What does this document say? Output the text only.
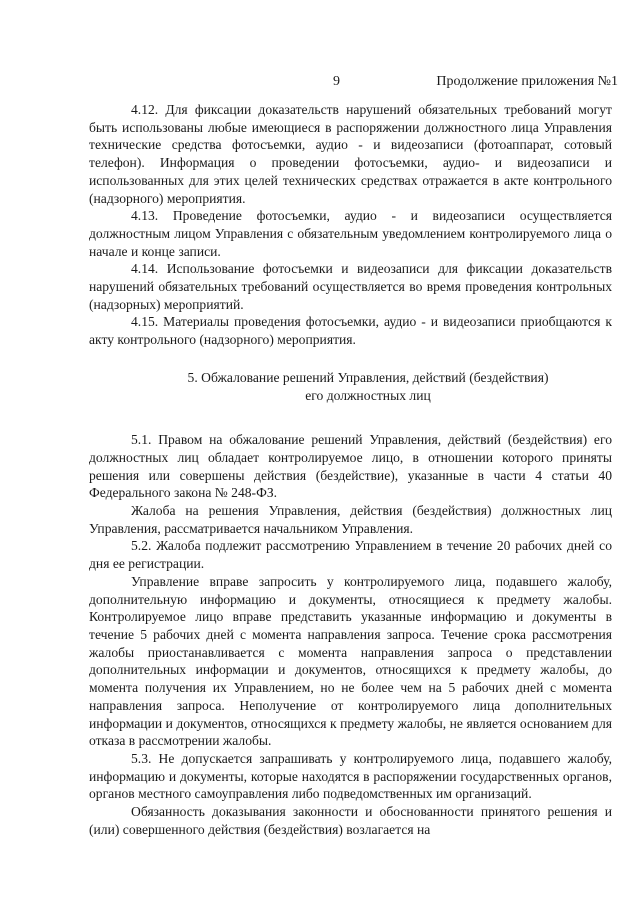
9	Продолжение приложения №1

4.12. Для фиксации доказательств нарушений обязательных требований могут быть использованы любые имеющиеся в распоряжении должностного лица Управления технические средства фотосъемки, аудио - и видеозаписи (фотоаппарат, сотовый телефон). Информация о проведении фотосъемки, аудио- и видеозаписи и использованных для этих целей технических средствах отражается в акте контрольного (надзорного) мероприятия.

4.13. Проведение фотосъемки, аудио - и видеозаписи осуществляется должностным лицом Управления с обязательным уведомлением контролируемого лица о начале и конце записи.

4.14. Использование фотосъемки и видеозаписи для фиксации доказательств нарушений обязательных требований осуществляется во время проведения контрольных (надзорных) мероприятий.

4.15. Материалы проведения фотосъемки, аудио - и видеозаписи приобщаются к акту контрольного (надзорного) мероприятия.

5. Обжалование решений Управления, действий (бездействия)
его должностных лиц

5.1. Правом на обжалование решений Управления, действий (бездействия) его должностных лиц обладает контролируемое лицо, в отношении которого приняты решения или совершены действия (бездействие), указанные в части 4 статьи 40 Федерального закона № 248-ФЗ.

Жалоба на решения Управления, действия (бездействия) должностных лиц Управления, рассматривается начальником Управления.

5.2. Жалоба подлежит рассмотрению Управлением в течение 20 рабочих дней со дня ее регистрации.

Управление вправе запросить у контролируемого лица, подавшего жалобу, дополнительную информацию и документы, относящиеся к предмету жалобы. Контролируемое лицо вправе представить указанные информацию и документы в течение 5 рабочих дней с момента направления запроса. Течение срока рассмотрения жалобы приостанавливается с момента направления запроса о представлении дополнительных информации и документов, относящихся к предмету жалобы, до момента получения их Управлением, но не более чем на 5 рабочих дней с момента направления запроса. Неполучение от контролируемого лица дополнительных информации и документов, относящихся к предмету жалобы, не является основанием для отказа в рассмотрении жалобы.

5.3. Не допускается запрашивать у контролируемого лица, подавшего жалобу, информацию и документы, которые находятся в распоряжении государственных органов, органов местного самоуправления либо подведомственных им организаций.

Обязанность доказывания законности и обоснованности принятого решения и (или) совершенного действия (бездействия) возлагается на
